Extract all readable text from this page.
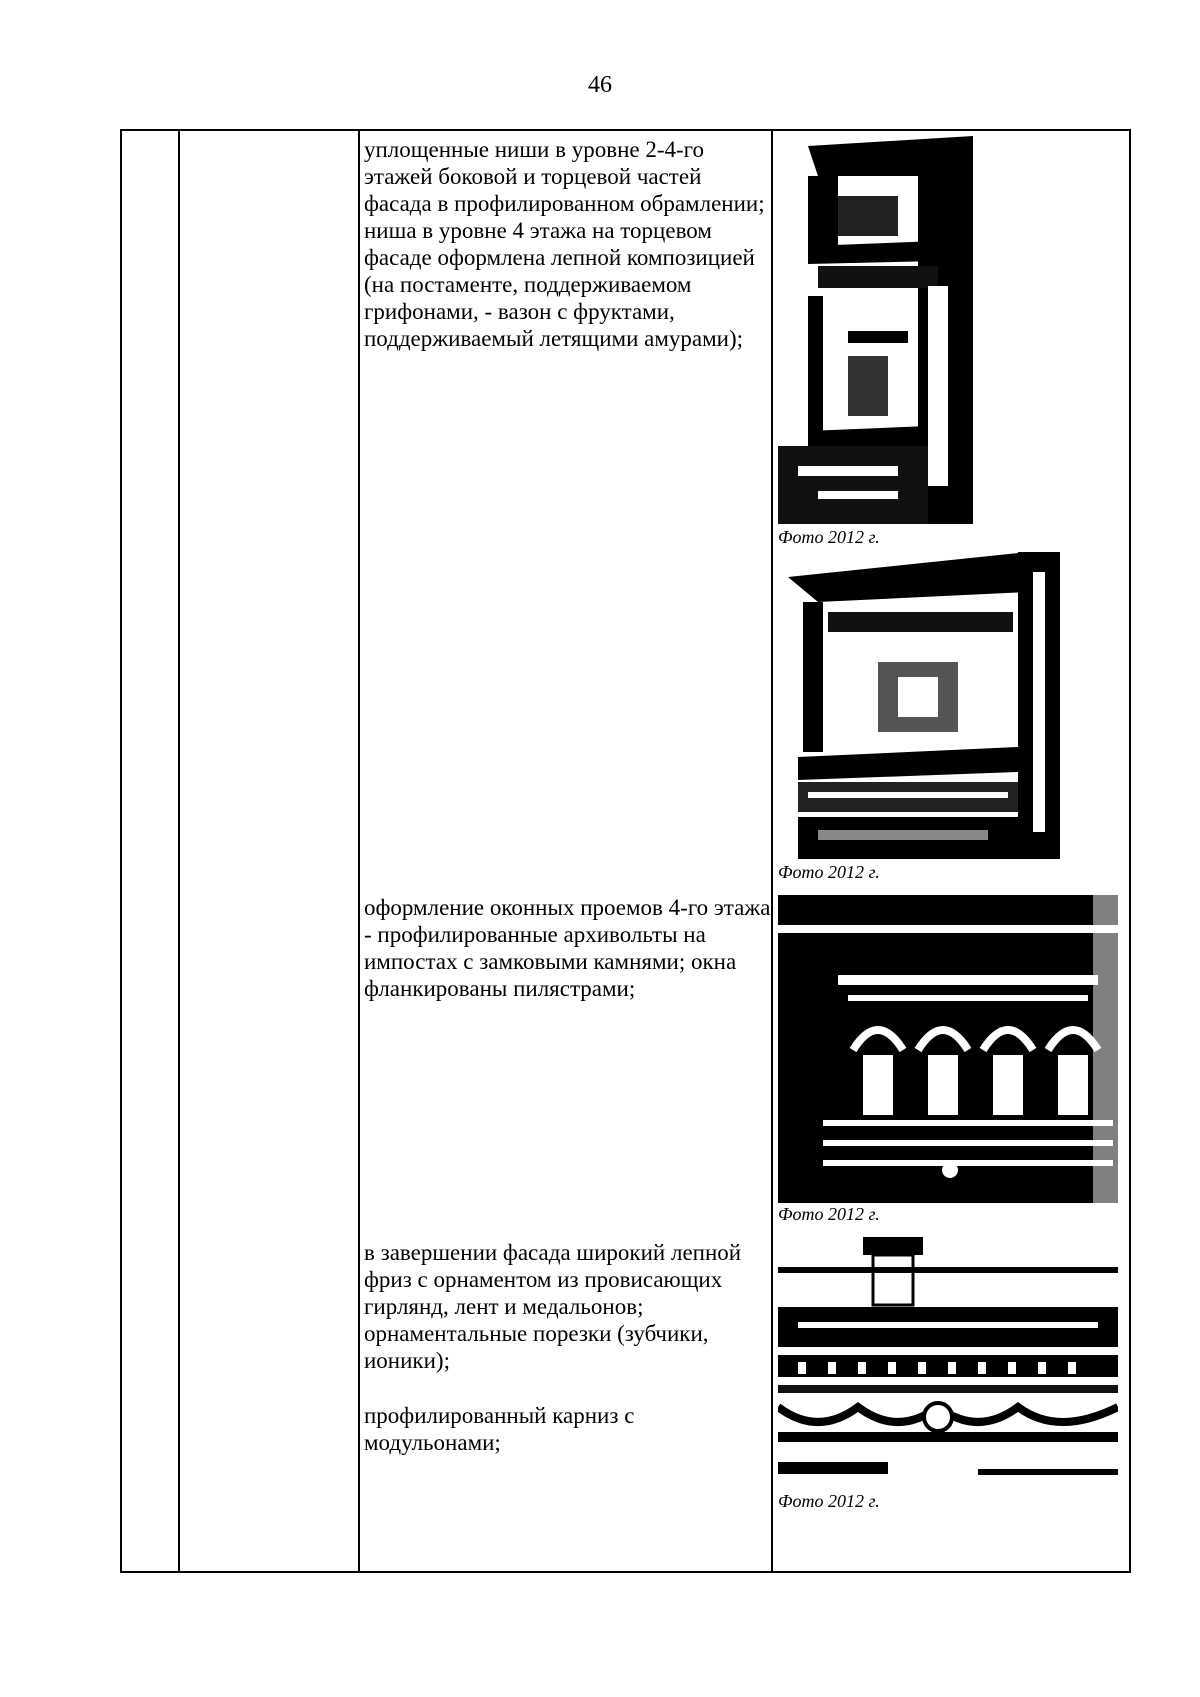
46
уплощенные ниши в уровне 2-4-го этажей боковой и торцевой частей фасада в профилированном обрамлении; ниша в уровне 4 этажа на торцевом фасаде оформлена лепной композицией (на постаменте, поддерживаемом грифонами, - вазон с фруктами, поддерживаемый летящими амурами);
Фото 2012 г.
Фото 2012 г.
оформление оконных проемов 4-го этажа - профилированные архивольты на импостах с замковыми камнями; окна фланкированы пилястрами;
Фото 2012 г.
в завершении фасада широкий лепной фриз с орнаментом из провисающих гирлянд, лент и медальонов; орнаментальные порезки (зубчики, ионики);
профилированный карниз с модульонами;
Фото 2012 г.
